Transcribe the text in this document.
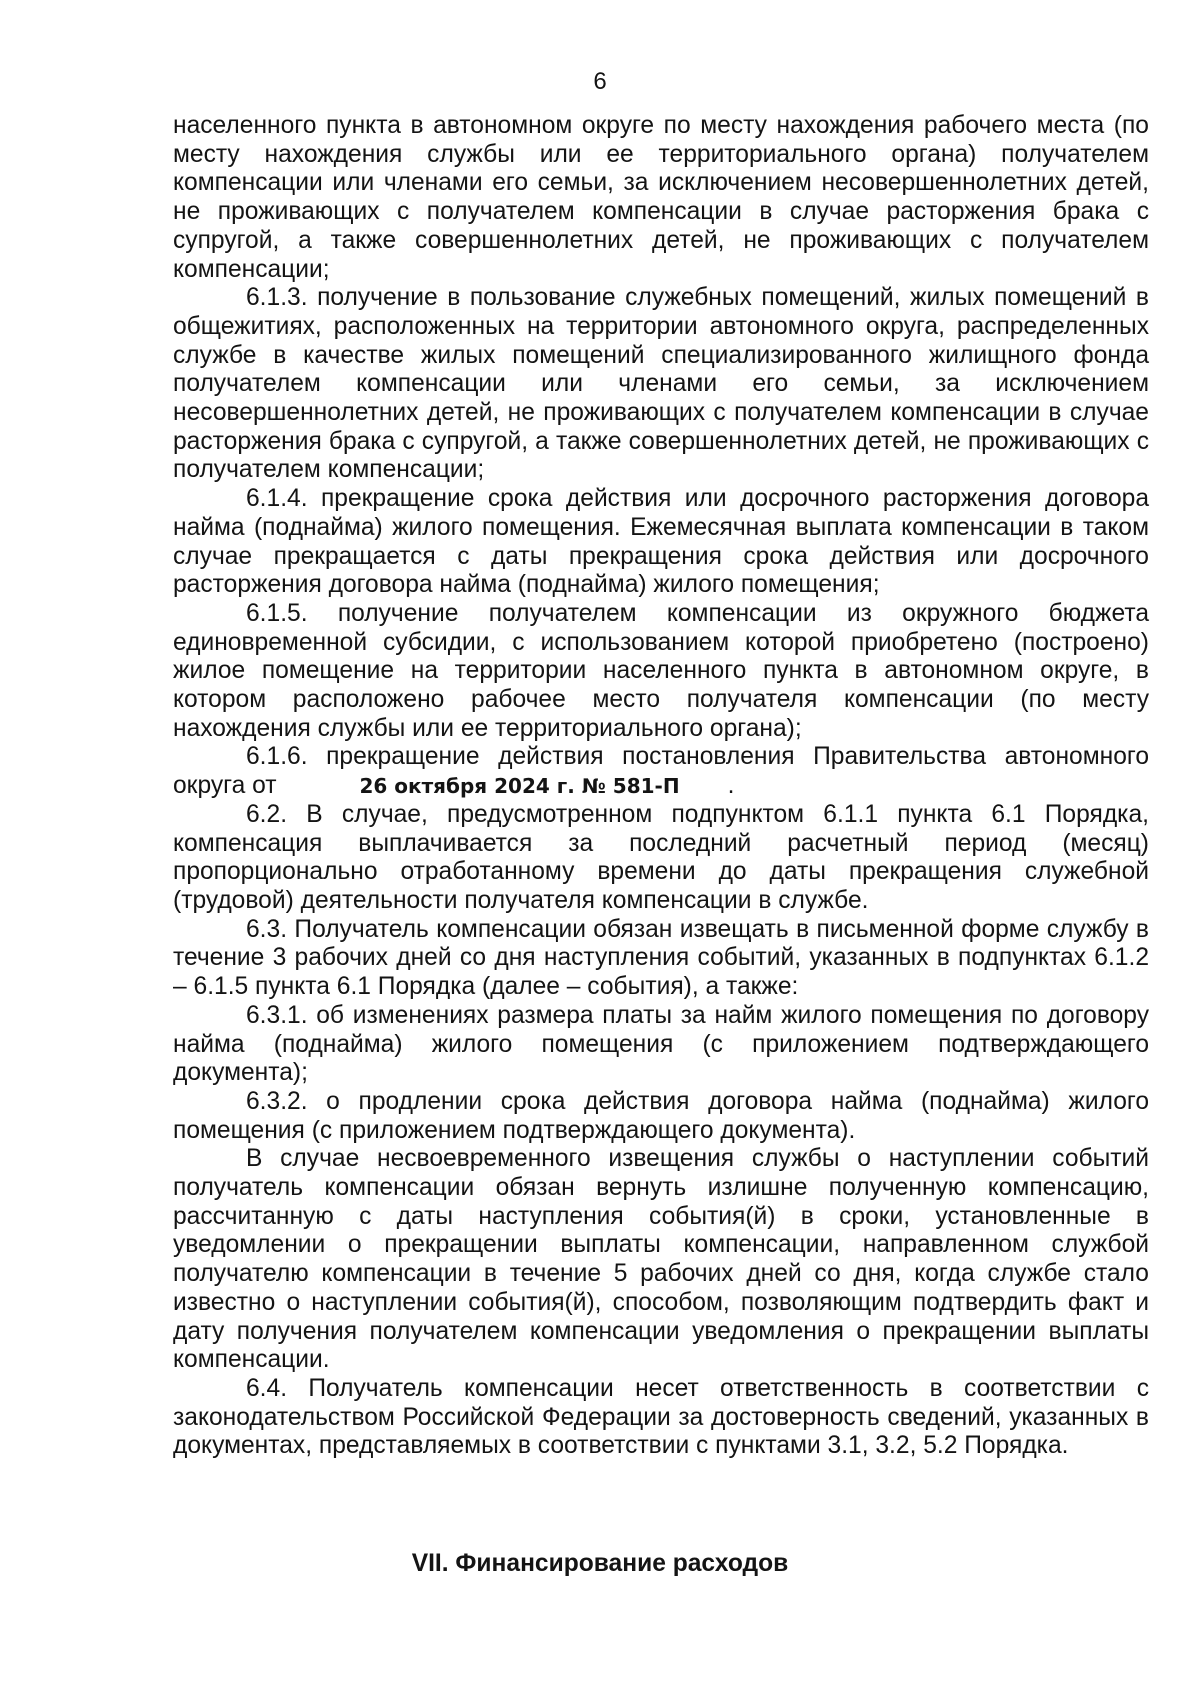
6

населенного пункта в автономном округе по месту нахождения рабочего места (по месту нахождения службы или ее территориального органа) получателем компенсации или членами его семьи, за исключением несовершеннолетних детей, не проживающих с получателем компенсации в случае расторжения брака с супругой, а также совершеннолетних детей, не проживающих с получателем компенсации;

6.1.3. получение в пользование служебных помещений, жилых помещений в общежитиях, расположенных на территории автономного округа, распределенных службе в качестве жилых помещений специализированного жилищного фонда получателем компенсации или членами его семьи, за исключением несовершеннолетних детей, не проживающих с получателем компенсации в случае расторжения брака с супругой, а также совершеннолетних детей, не проживающих с получателем компенсации;

6.1.4. прекращение срока действия или досрочного расторжения договора найма (поднайма) жилого помещения. Ежемесячная выплата компенсации в таком случае прекращается с даты прекращения срока действия или досрочного расторжения договора найма (поднайма) жилого помещения;

6.1.5. получение получателем компенсации из окружного бюджета единовременной субсидии, с использованием которой приобретено (построено) жилое помещение на территории населенного пункта в автономном округе, в котором расположено рабочее место получателя компенсации (по месту нахождения службы или ее территориального органа);

6.1.6. прекращение действия постановления Правительства автономного округа от	26 октября 2024 г. № 581-П .

6.2. В случае, предусмотренном подпунктом 6.1.1 пункта 6.1 Порядка, компенсация выплачивается за последний расчетный период (месяц) пропорционально отработанному времени до даты прекращения служебной (трудовой) деятельности получателя компенсации в службе.

6.3. Получатель компенсации обязан извещать в письменной форме службу в течение 3 рабочих дней со дня наступления событий, указанных в подпунктах 6.1.2 – 6.1.5 пункта 6.1 Порядка (далее – события), а также:

6.3.1. об изменениях размера платы за найм жилого помещения по договору найма (поднайма) жилого помещения (с приложением подтверждающего документа);

6.3.2. о продлении срока действия договора найма (поднайма) жилого помещения (с приложением подтверждающего документа).

В случае несвоевременного извещения службы о наступлении событий получатель компенсации обязан вернуть излишне полученную компенсацию, рассчитанную с даты наступления события(й) в сроки, установленные в уведомлении о прекращении выплаты компенсации, направленном службой получателю компенсации в течение 5 рабочих дней со дня, когда службе стало известно о наступлении события(й), способом, позволяющим подтвердить факт и дату получения получателем компенсации уведомления о прекращении выплаты компенсации.

6.4. Получатель компенсации несет ответственность в соответствии с законодательством Российской Федерации за достоверность сведений, указанных в документах, представляемых в соответствии с пунктами 3.1, 3.2, 5.2 Порядка.

VII. Финансирование расходов
